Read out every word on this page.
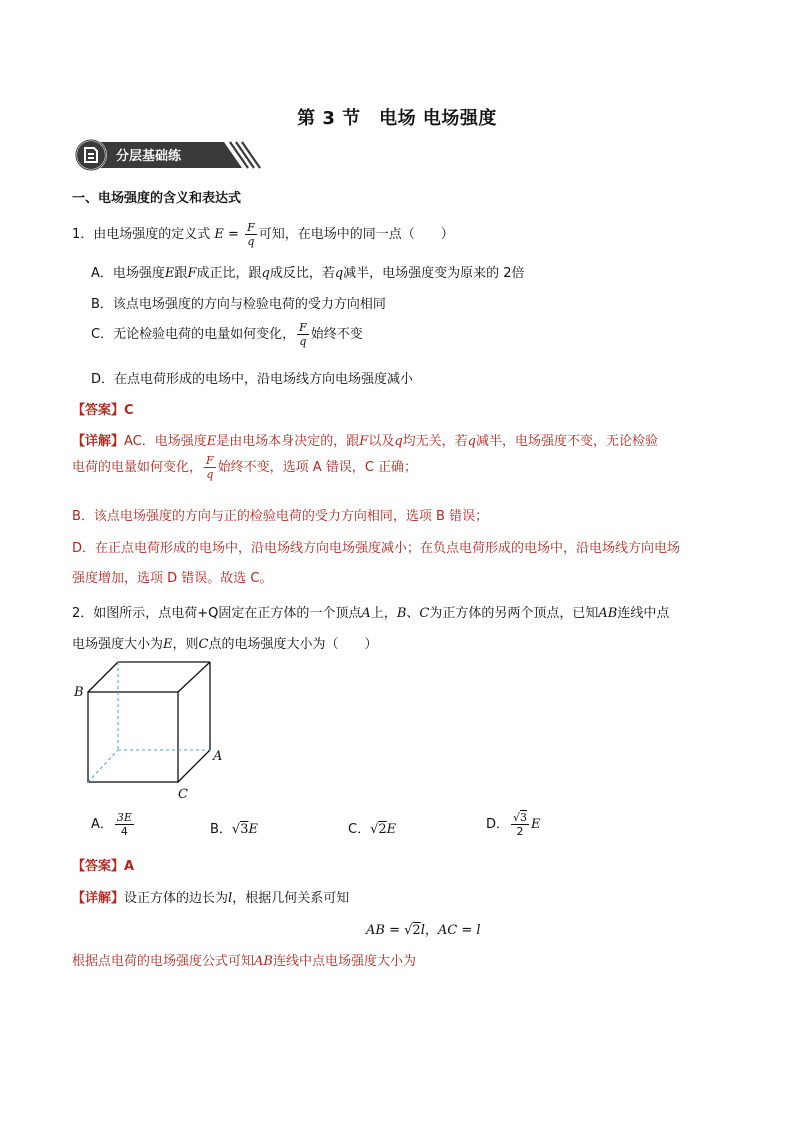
第 3 节　电场 电场强度
分层基础练
一、电场强度的含义和表达式
1．由电场强度的定义式 $E = \frac{F}{q}$ 可知，在电场中的同一点（　　）
A．电场强度E跟F成正比，跟q成反比，若q减半，电场强度变为原来的 2倍
B．该点电场强度的方向与检验电荷的受力方向相同
C．无论检验电荷的电量如何变化， $\frac{F}{q}$ 始终不变
D．在点电荷形成的电场中，沿电场线方向电场强度减小
【答案】C
【详解】AC．电场强度E是由电场本身决定的，跟F以及q均无关，若q减半，电场强度不变，无论检验
电荷的电量如何变化， $\frac{F}{q}$ 始终不变，选项 A 错误，C 正确；
B．该点电场强度的方向与正的检验电荷的受力方向相同，选项 B 错误；
D．在正点电荷形成的电场中，沿电场线方向电场强度减小；在负点电荷形成的电场中，沿电场线方向电场
强度增加，选项 D 错误。故选 C。
2．如图所示，点电荷+Q固定在正方体的一个顶点A上，B、C为正方体的另两个顶点，已知AB连线中点
电场强度大小为E，则C点的电场强度大小为（　　）
B
A
C
A． $\frac{3E}{4}$	B．√3E	C．√2E	D． $\frac{√3}{2}$ E
【答案】A
【详解】设正方体的边长为l，根据几何关系可知
AB = √2l，AC = l
根据点电荷的电场强度公式可知AB连线中点电场强度大小为
